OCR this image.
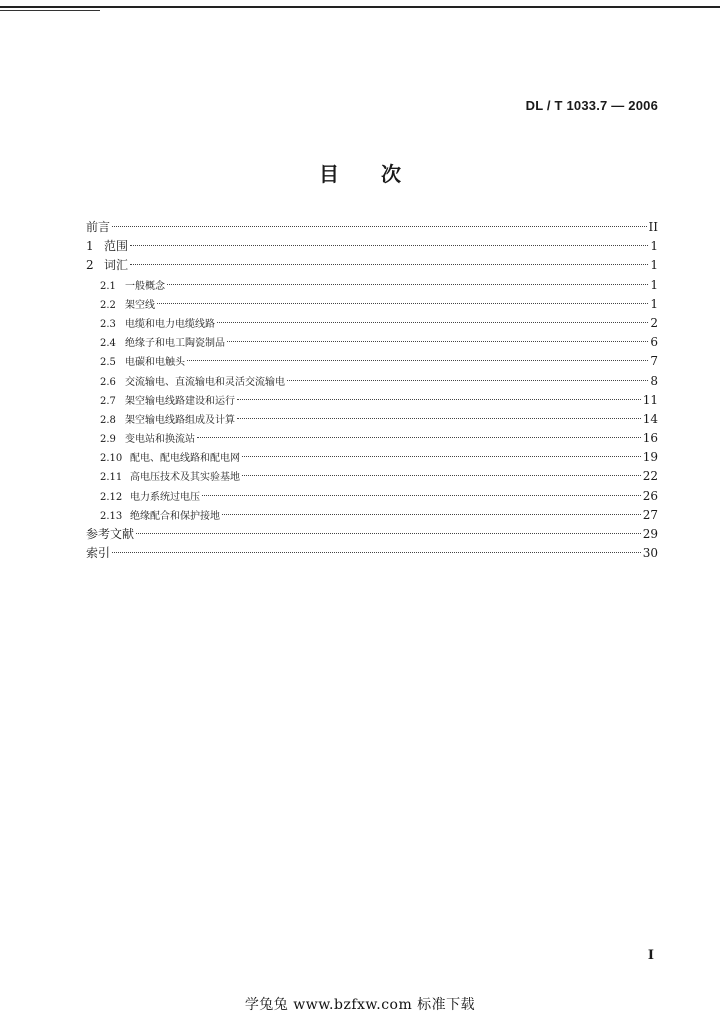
DL / T 1033.7 — 2006
目次
前言	II
1 范围	1
2 词汇	1
2.1 一般概念	1
2.2 架空线	1
2.3 电缆和电力电缆线路	2
2.4 绝缘子和电工陶瓷制品	6
2.5 电碳和电触头	7
2.6 交流输电、直流输电和灵活交流输电	8
2.7 架空输电线路建设和运行	11
2.8 架空输电线路组成及计算	14
2.9 变电站和换流站	16
2.10 配电、配电线路和配电网	19
2.11 高电压技术及其实验基地	22
2.12 电力系统过电压	26
2.13 绝缘配合和保护接地	27
参考文献	29
索引	30
I
学兔兔 www.bzfxw.com 标准下载
